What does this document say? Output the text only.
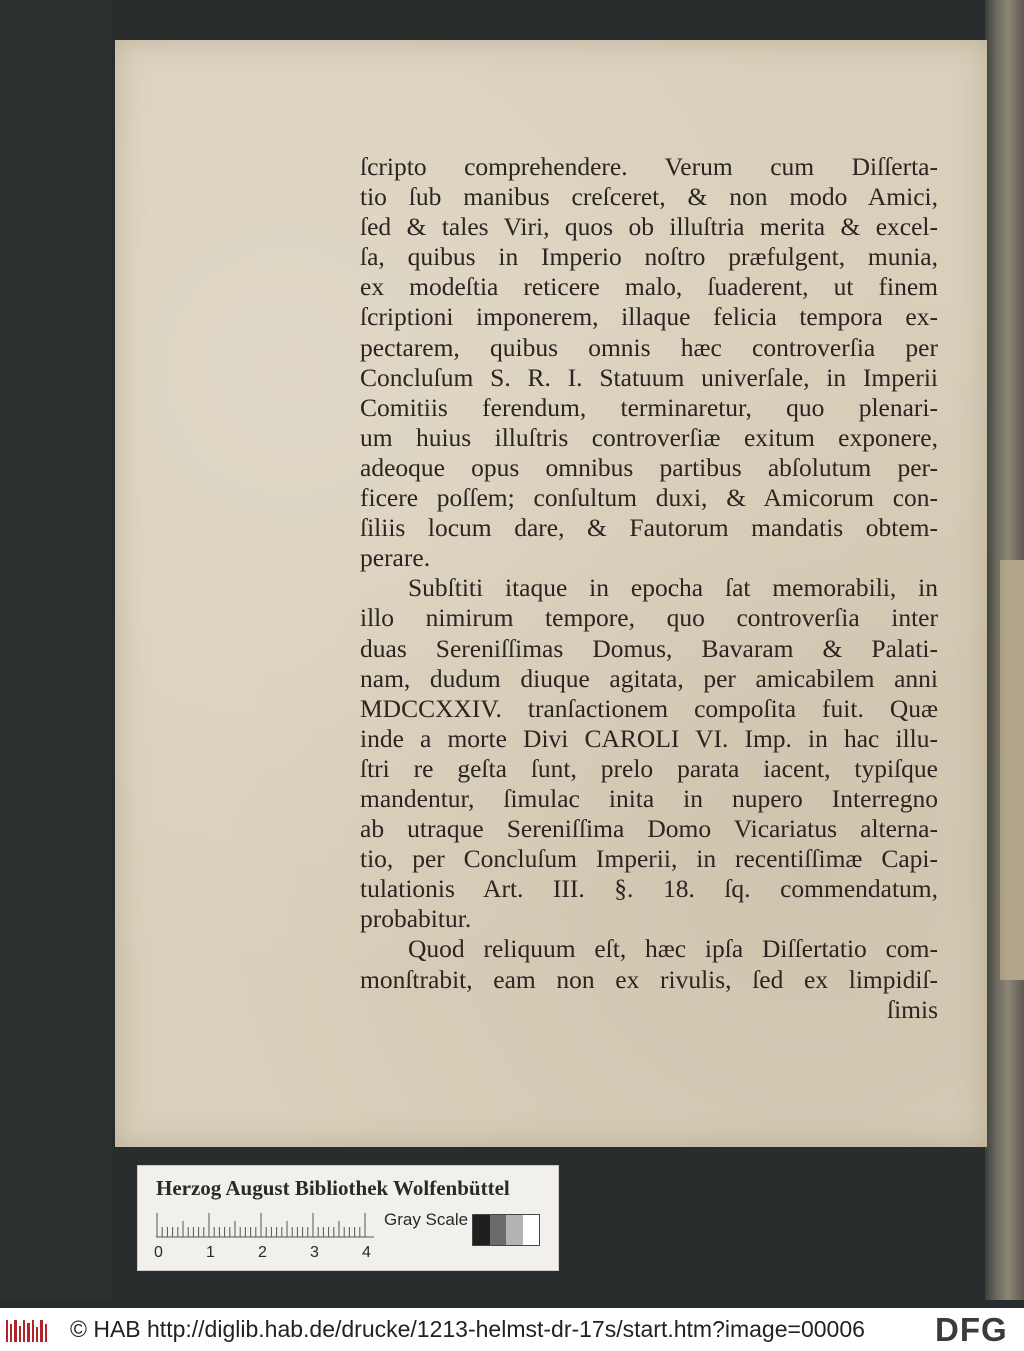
ſcripto comprehendere. Verum cum Diſſerta-
tio ſub manibus creſceret, & non modo Amici,
ſed & tales Viri, quos ob illuſtria merita & excel-
ſa, quibus in Imperio noſtro præfulgent, munia,
ex modeſtia reticere malo, ſuaderent, ut finem
ſcriptioni imponerem, illaque felicia tempora ex-
pectarem, quibus omnis hæc controverſia per
Concluſum S. R. I. Statuum univerſale, in Imperii
Comitiis ferendum, terminaretur, quo plenari-
um huius illuſtris controverſiæ exitum exponere,
adeoque opus omnibus partibus abſolutum per-
ficere poſſem; conſultum duxi, & Amicorum con-
ſiliis locum dare, & Fautorum mandatis obtem-
perare.
Subſtiti itaque in epocha ſat memorabili, in
illo nimirum tempore, quo controverſia inter
duas Sereniſſimas Domus, Bavaram & Palati-
nam, dudum diuque agitata, per amicabilem anni
MDCCXXIV. tranſactionem compoſita fuit. Quæ
inde a morte Divi CAROLI VI. Imp. in hac illu-
ſtri re geſta ſunt, prelo parata iacent, typiſque
mandentur, ſimulac inita in nupero Interregno
ab utraque Sereniſſima Domo Vicariatus alterna-
tio, per Concluſum Imperii, in recentiſſimæ Capi-
tulationis Art. III. §. 18. ſq. commendatum,
probabitur.
Quod reliquum eſt, hæc ipſa Diſſertatio com-
monſtrabit, eam non ex rivulis, ſed ex limpidiſ-
ſimis
Herzog August Bibliothek Wolfenbüttel
0	1	2	3	4
Gray Scale
© HAB http://diglib.hab.de/drucke/1213-helmst-dr-17s/start.htm?image=00006 DFG
